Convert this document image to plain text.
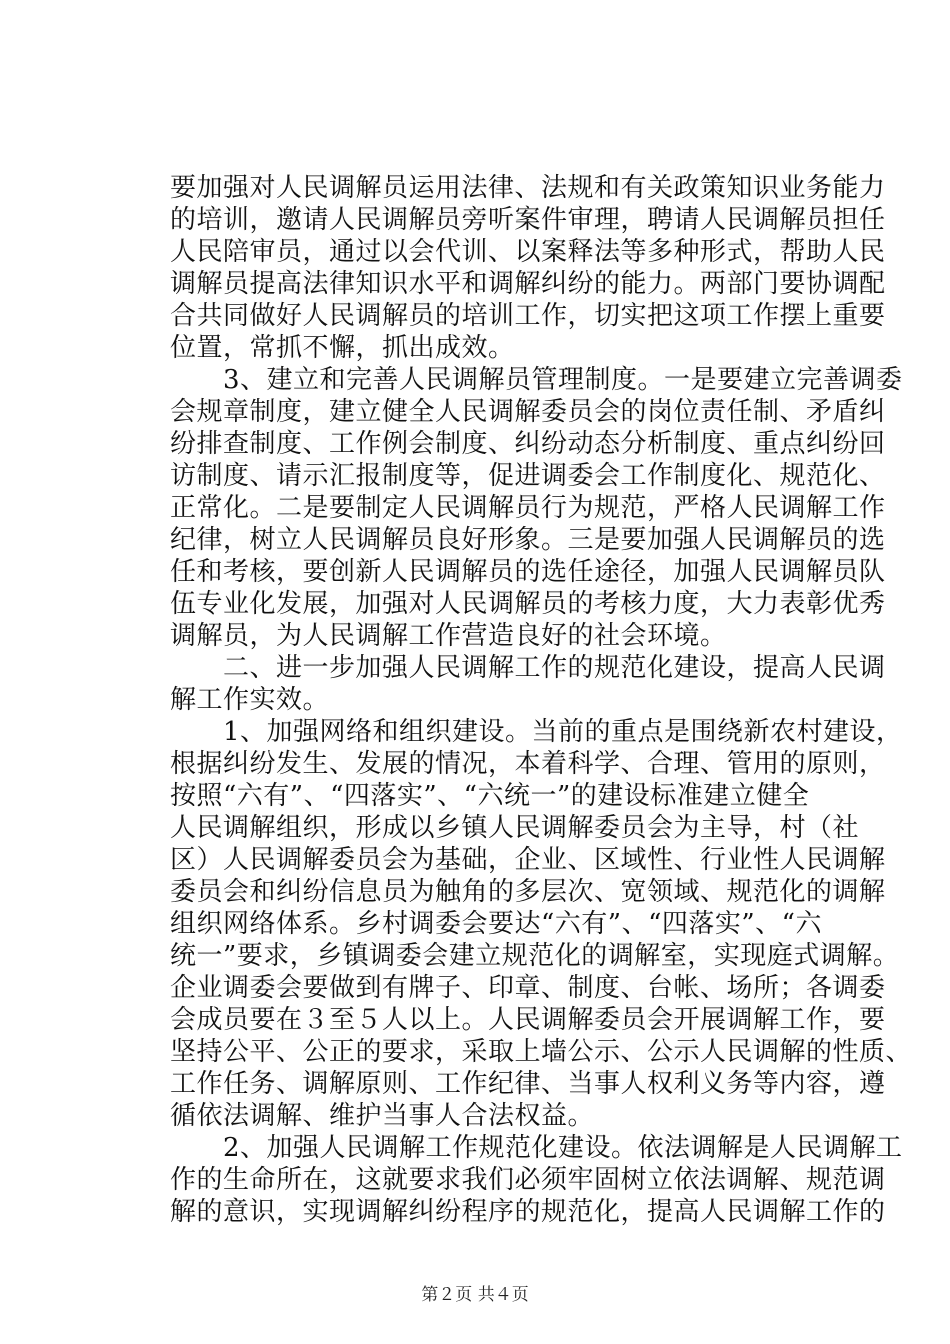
要加强对人民调解员运用法律、法规和有关政策知识业务能力
的培训，邀请人民调解员旁听案件审理，聘请人民调解员担任
人民陪审员，通过以会代训、以案释法等多种形式，帮助人民
调解员提高法律知识水平和调解纠纷的能力。两部门要协调配
合共同做好人民调解员的培训工作，切实把这项工作摆上重要
位置，常抓不懈，抓出成效。
　　3、建立和完善人民调解员管理制度。一是要建立完善调委
会规章制度，建立健全人民调解委员会的岗位责任制、矛盾纠
纷排查制度、工作例会制度、纠纷动态分析制度、重点纠纷回
访制度、请示汇报制度等，促进调委会工作制度化、规范化、
正常化。二是要制定人民调解员行为规范，严格人民调解工作
纪律，树立人民调解员良好形象。三是要加强人民调解员的选
任和考核，要创新人民调解员的选任途径，加强人民调解员队
伍专业化发展，加强对人民调解员的考核力度，大力表彰优秀
调解员，为人民调解工作营造良好的社会环境。
　　二、进一步加强人民调解工作的规范化建设，提高人民调
解工作实效。
　　1、加强网络和组织建设。当前的重点是围绕新农村建设，
根据纠纷发生、发展的情况，本着科学、合理、管用的原则，
按照“六有”、“四落实”、“六统一”的建设标准建立健全
人民调解组织，形成以乡镇人民调解委员会为主导，村（社
区）人民调解委员会为基础，企业、区域性、行业性人民调解
委员会和纠纷信息员为触角的多层次、宽领域、规范化的调解
组织网络体系。乡村调委会要达“六有”、“四落实”、“六
统一”要求，乡镇调委会建立规范化的调解室，实现庭式调解。
企业调委会要做到有牌子、印章、制度、台帐、场所；各调委
会成员要在３至５人以上。人民调解委员会开展调解工作，要
坚持公平、公正的要求，采取上墙公示、公示人民调解的性质、
工作任务、调解原则、工作纪律、当事人权利义务等内容，遵
循依法调解、维护当事人合法权益。
　　2、加强人民调解工作规范化建设。依法调解是人民调解工
作的生命所在，这就要求我们必须牢固树立依法调解、规范调
解的意识，实现调解纠纷程序的规范化，提高人民调解工作的
第２页 共４页
